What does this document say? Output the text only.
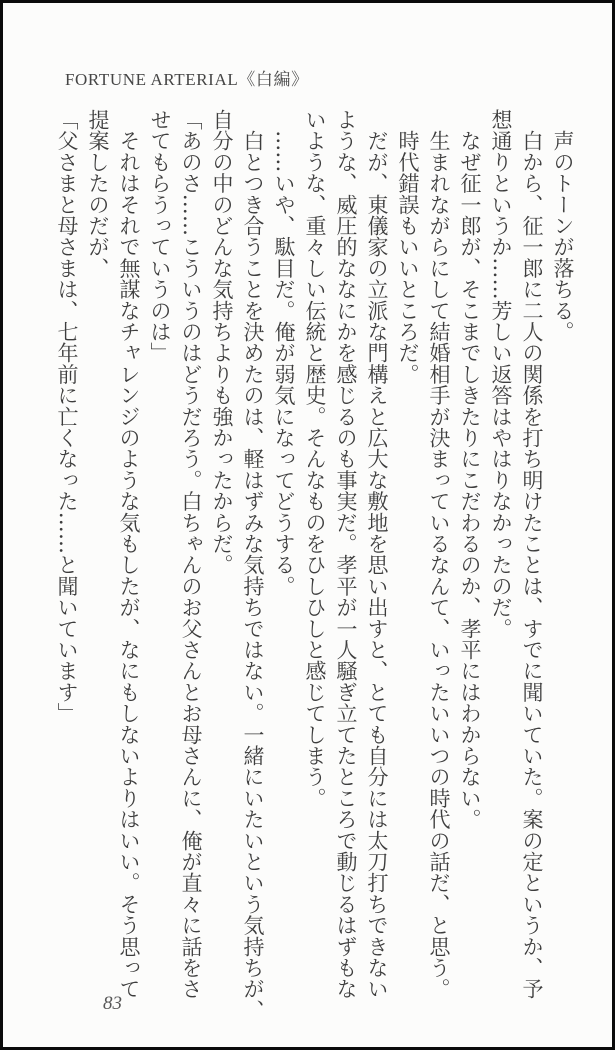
FORTUNE ARTERIAL《白編》
　声のトーンが落ちる。
　白から、征一郎に二人の関係を打ち明けたことは、すでに聞いていた。案の定というか、予
想通りというか……芳しい返答はやはりなかったのだ。
　なぜ征一郎が、そこまでしきたりにこだわるのか、孝平にはわからない。
　生まれながらにして結婚相手が決まっているなんて、いったいいつの時代の話だ、と思う。
　時代錯誤もいいところだ。
　だが、東儀家の立派な門構えと広大な敷地を思い出すと、とても自分には太刀打ちできない
ような、威圧的ななにかを感じるのも事実だ。孝平が一人騒ぎ立てたところで動じるはずもな
いような、重々しい伝統と歴史。そんなものをひしひしと感じてしまう。
　……いや、駄目だ。俺が弱気になってどうする。
　白とつき合うことを決めたのは、軽はずみな気持ちではない。一緒にいたいという気持ちが、
自分の中のどんな気持ちよりも強かったからだ。
「あのさ……こういうのはどうだろう。白ちゃんのお父さんとお母さんに、俺が直々に話をさ
せてもらうっていうのは」
　それはそれで無謀なチャレンジのような気もしたが、なにもしないよりはいい。そう思って
提案したのだが、
「父さまと母さまは、七年前に亡くなった……と聞いています」
83
